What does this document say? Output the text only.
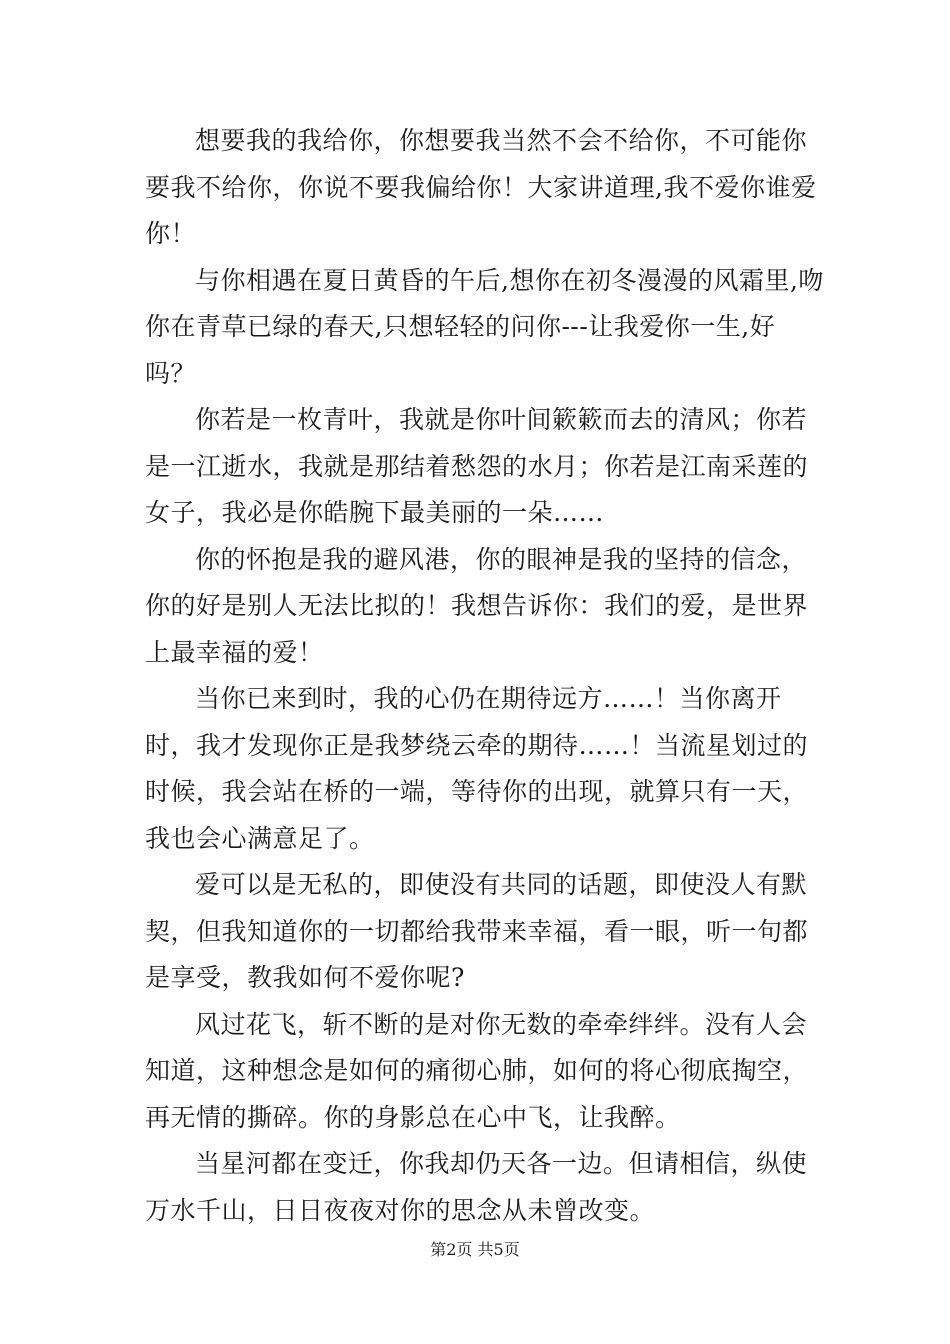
想要我的我给你，你想要我当然不会不给你，不可能你要我不给你，你说不要我偏给你！大家讲道理,我不爱你谁爱你！

与你相遇在夏日黄昏的午后,想你在初冬漫漫的风霜里,吻你在青草已绿的春天,只想轻轻的问你---让我爱你一生,好吗？

你若是一枚青叶，我就是你叶间簌簌而去的清风；你若是一江逝水，我就是那结着愁怨的水月；你若是江南采莲的女子，我必是你皓腕下最美丽的一朵……

你的怀抱是我的避风港，你的眼神是我的坚持的信念，你的好是别人无法比拟的！我想告诉你：我们的爱，是世界上最幸福的爱！

当你已来到时，我的心仍在期待远方……！当你离开时，我才发现你正是我梦绕云牵的期待……！当流星划过的时候，我会站在桥的一端，等待你的出现，就算只有一天，我也会心满意足了。

爱可以是无私的，即使没有共同的话题，即使没人有默契，但我知道你的一切都给我带来幸福，看一眼，听一句都是享受，教我如何不爱你呢?

风过花飞，斩不断的是对你无数的牵牵绊绊。没有人会知道，这种想念是如何的痛彻心肺，如何的将心彻底掏空，再无情的撕碎。你的身影总在心中飞，让我醉。

当星河都在变迁，你我却仍天各一边。但请相信，纵使万水千山，日日夜夜对你的思念从未曾改变。

第2页 共5页
